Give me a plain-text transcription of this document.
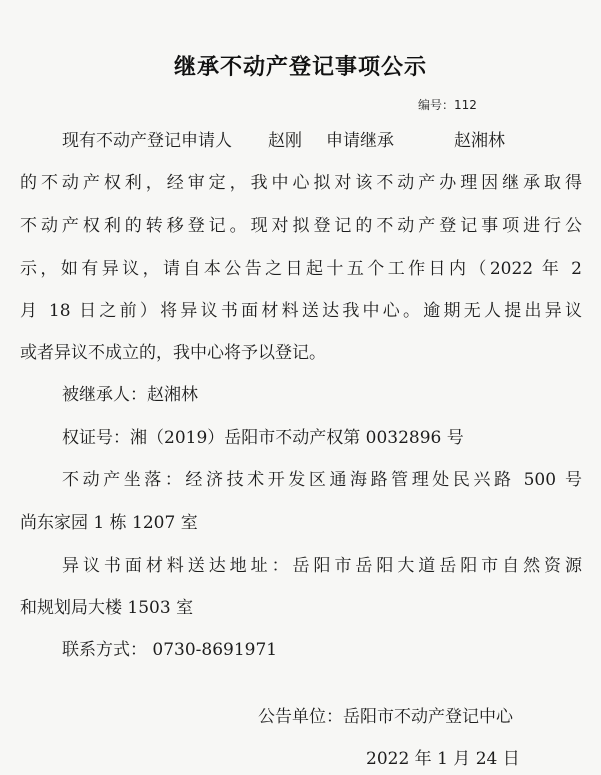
继承不动产登记事项公示
编号：112
现有不动产登记申请人 赵刚 申请继承	赵湘林
的不动产权利，经审定，我中心拟对该不动产办理因继承取得
不动产权利的转移登记。现对拟登记的不动产登记事项进行公
示，如有异议，请自本公告之日起十五个工作日内（2022 年 2
月 18 日之前）将异议书面材料送达我中心。逾期无人提出异议
或者异议不成立的，我中心将予以登记。
被继承人：赵湘林
权证号：湘（2019）岳阳市不动产权第 0032896 号
不动产坐落：经济技术开发区通海路管理处民兴路 500 号
尚东家园 1 栋 1207 室
异议书面材料送达地址：岳阳市岳阳大道岳阳市自然资源
和规划局大楼 1503 室
联系方式： 0730-8691971
公告单位：岳阳市不动产登记中心
2022 年 1 月 24 日
